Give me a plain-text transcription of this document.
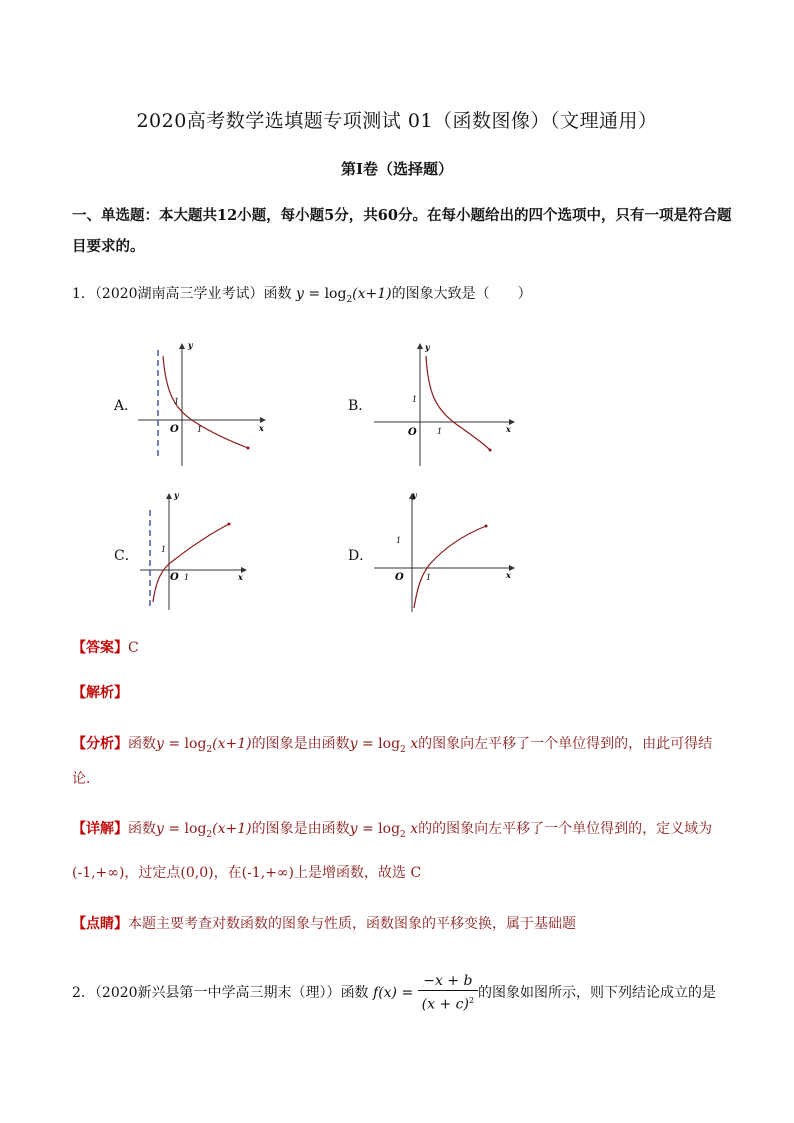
2020高考数学选填题专项测试 01（函数图像）（文理通用）
第I卷（选择题）
一、单选题：本大题共12小题，每小题5分，共60分。在每小题给出的四个选项中，只有一项是符合题目要求的。
1．（2020湖南高三学业考试）函数 $y = \log_2(x+1)$的图象大致是（　　）
A．	B．
C．	D．
y
x
O
1
1
y
x
O
1
1
y
x
O
1
1
y
x
O
1
1
【答案】C
【解析】
【分析】函数$y = \log_2(x+1)$的图象是由函数$y = \log_2 x$的图象向左平移了一个单位得到的，由此可得结
论．
【详解】函数$y = \log_2(x+1)$的图象是由函数$y = \log_2 x$的的图象向左平移了一个单位得到的，定义域为
(-1,+∞)，过定点(0,0)，在(-1,+∞)上是增函数，故选 C
【点睛】本题主要考查对数函数的图象与性质，函数图象的平移变换，属于基础题
2．（2020新兴县第一中学高三期末（理））函数 $f(x) = \frac{-x + b}{(x + c)^2}$ 的图象如图所示，则下列结论成立的是
